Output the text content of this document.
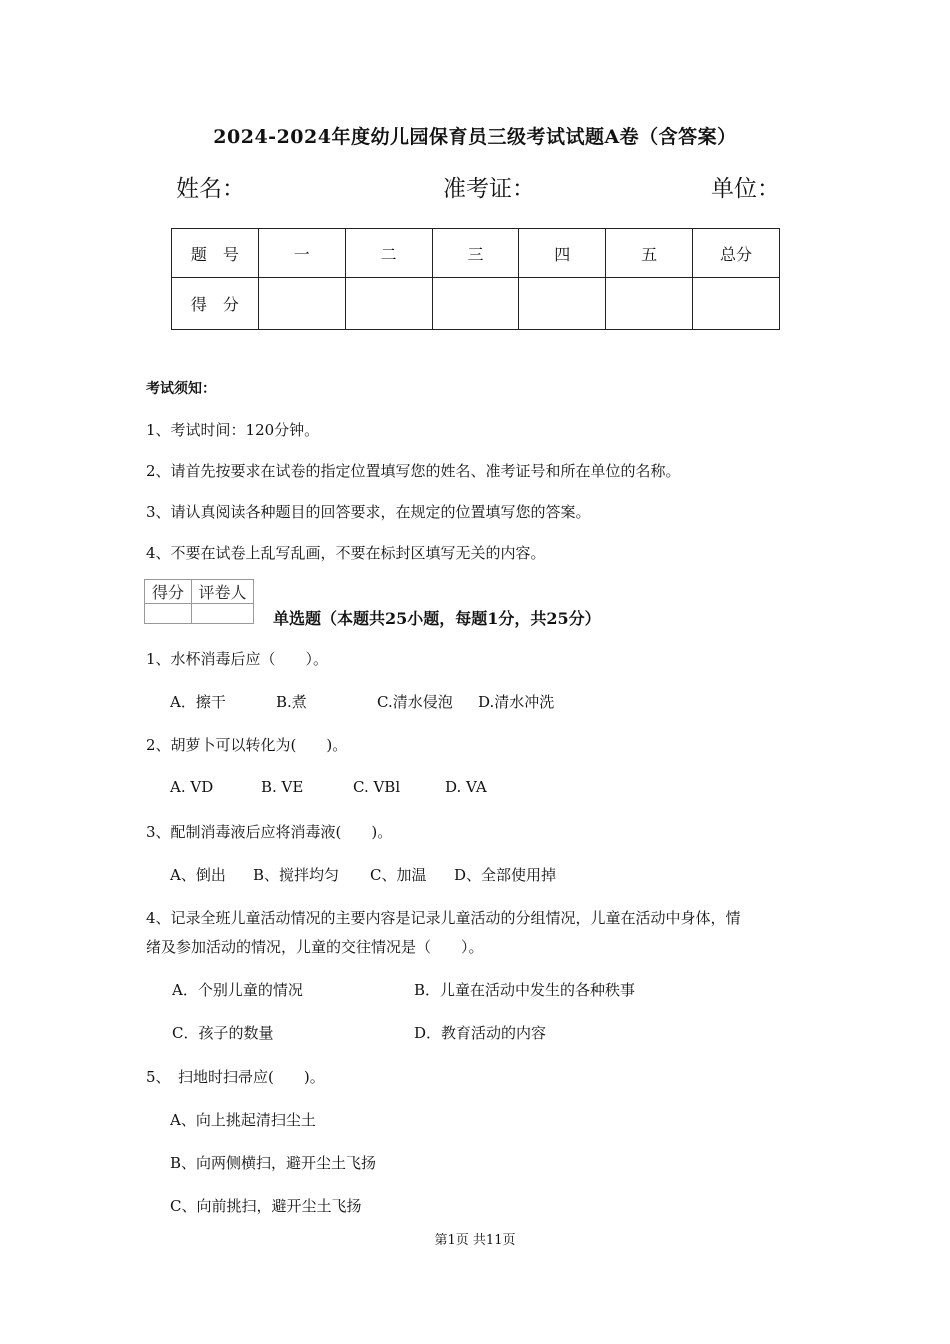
2024-2024年度幼儿园保育员三级考试试题A卷（含答案）
姓名：	准考证：	单位：
题　号	一	二	三	四	五	总分
得　分						
考试须知：
1、考试时间：120分钟。
2、请首先按要求在试卷的指定位置填写您的姓名、准考证号和所在单位的名称。
3、请认真阅读各种题目的回答要求，在规定的位置填写您的答案。
4、不要在试卷上乱写乱画，不要在标封区填写无关的内容。
得分	评卷人

单选题（本题共25小题，每题1分，共25分）
1、水杯消毒后应（　　）。
A．擦干	B.煮	C.清水侵泡 D.清水冲洗
2、胡萝卜可以转化为(　　)。
A. VD	B. VE	C. VBl	D. VA
3、配制消毒液后应将消毒液(　　)。
A、倒出 B、搅拌均匀 C、加温 D、全部使用掉
4、记录全班儿童活动情况的主要内容是记录儿童活动的分组情况，儿童在活动中身体，情
绪及参加活动的情况，儿童的交往情况是（　　）。
A．个别儿童的情况	B．儿童在活动中发生的各种秩事
C．孩子的数量	D．教育活动的内容
5、　扫地时扫帚应(　　)。
A、向上挑起清扫尘土
B、向两侧横扫，避开尘土飞扬
C、向前挑扫，避开尘土飞扬
第1页 共11页
